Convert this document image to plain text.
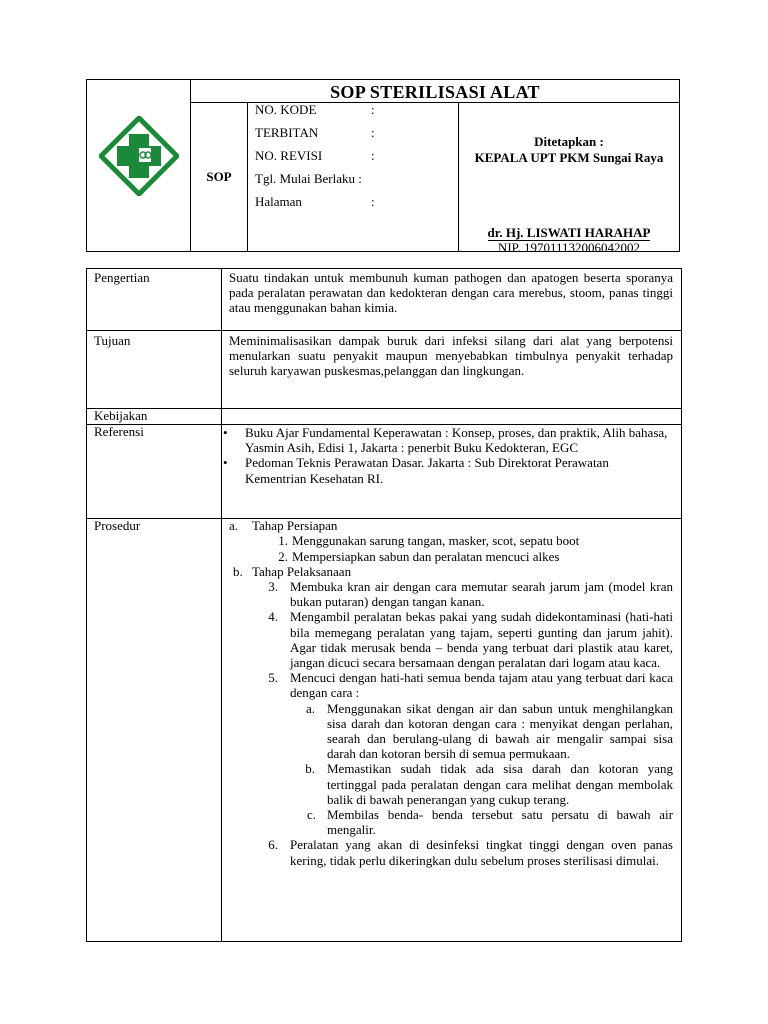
SOP STERILISASI ALAT
SOP
NO. KODE	:
TERBITAN	:
NO. REVISI	:
Tgl. Mulai Berlaku :
Halaman	:
Ditetapkan :
KEPALA UPT PKM Sungai Raya
dr. Hj. LISWATI HARAHAP
NIP. 197011132006042002
Pengertian	Suatu tindakan untuk membunuh kuman pathogen dan apatogen beserta sporanya pada peralatan perawatan dan kedokteran dengan cara merebus, stoom, panas tinggi atau menggunakan bahan kimia.
Tujuan	Meminimalisasikan dampak buruk dari infeksi silang dari alat yang berpotensi menularkan suatu penyakit maupun menyebabkan timbulnya penyakit terhadap seluruh karyawan puskesmas,pelanggan dan lingkungan.
Kebijakan
Referensi	• Buku Ajar Fundamental Keperawatan : Konsep, proses, dan praktik, Alih bahasa, Yasmin Asih, Edisi 1, Jakarta : penerbit Buku Kedokteran, EGC
• Pedoman Teknis Perawatan Dasar. Jakarta : Sub Direktorat Perawatan Kementrian Kesehatan RI.
Prosedur	a. Tahap Persiapan
1. Menggunakan sarung tangan, masker, scot, sepatu boot
2. Mempersiapkan sabun dan peralatan mencuci alkes
b. Tahap Pelaksanaan
3. Membuka kran air dengan cara memutar searah jarum jam (model kran bukan putaran) dengan tangan kanan.
4. Mengambil peralatan bekas pakai yang sudah didekontaminasi (hati-hati bila memegang peralatan yang tajam, seperti gunting dan jarum jahit). Agar tidak merusak benda – benda yang terbuat dari plastik atau karet, jangan dicuci secara bersamaan dengan peralatan dari logam atau kaca.
5. Mencuci dengan hati-hati semua benda tajam atau yang terbuat dari kaca dengan cara :
a. Menggunakan sikat dengan air dan sabun untuk menghilangkan sisa darah dan kotoran dengan cara : menyikat dengan perlahan, searah dan berulang-ulang di bawah air mengalir sampai sisa darah dan kotoran bersih di semua permukaan.
b. Memastikan sudah tidak ada sisa darah dan kotoran yang tertinggal pada peralatan dengan cara melihat dengan membolak balik di bawah penerangan yang cukup terang.
c. Membilas benda- benda tersebut satu persatu di bawah air mengalir.
6. Peralatan yang akan di desinfeksi tingkat tinggi dengan oven panas kering, tidak perlu dikeringkan dulu sebelum proses sterilisasi dimulai.
